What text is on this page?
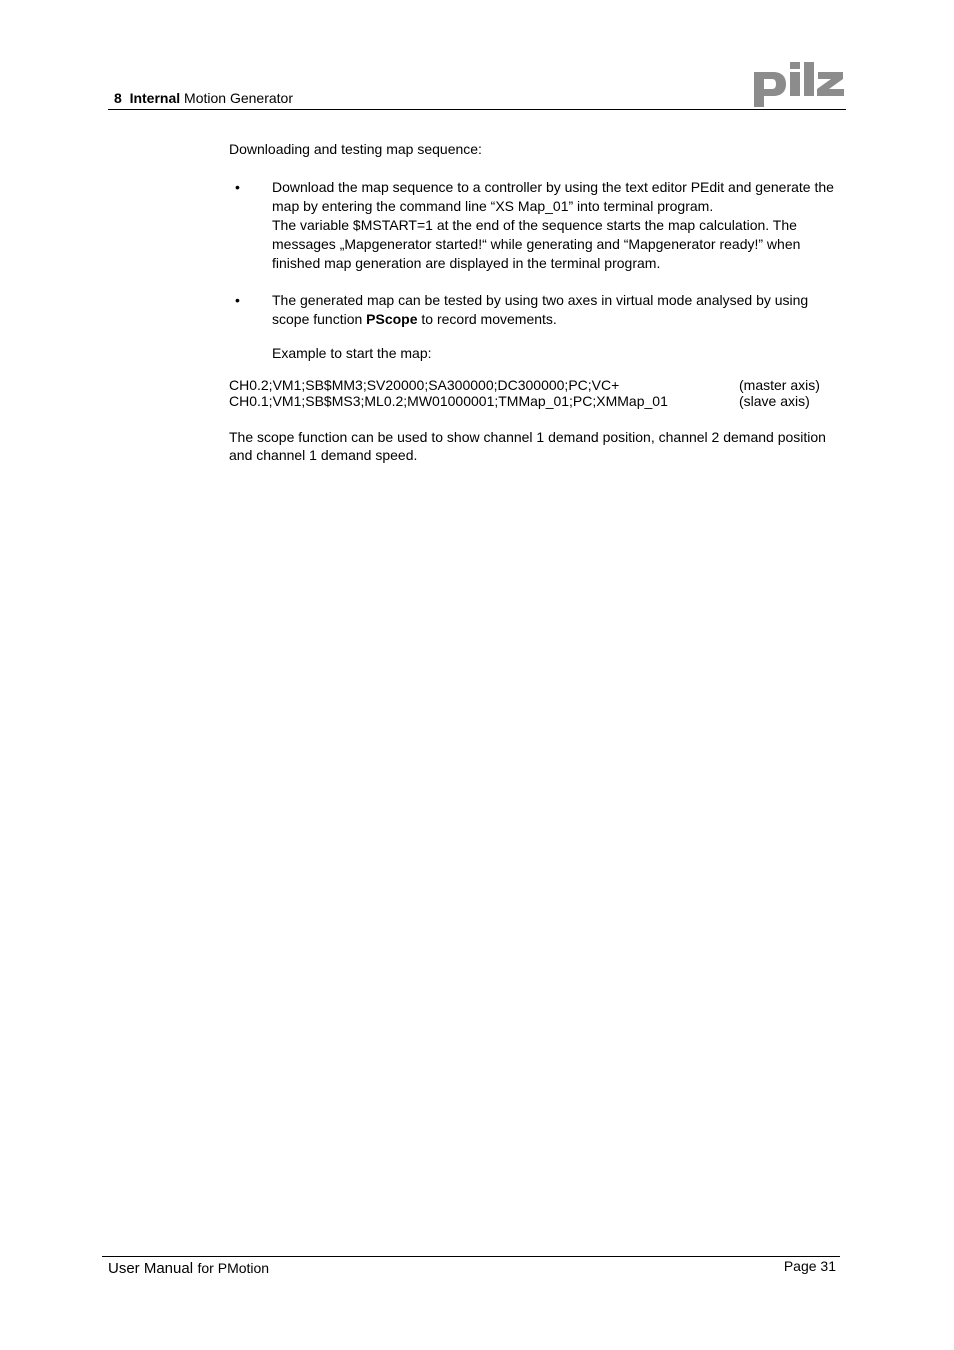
8 Internal Motion Generator

Downloading and testing map sequence:

• Download the map sequence to a controller by using the text editor PEdit and generate the map by entering the command line “XS Map_01” into terminal program.

The variable $MSTART=1 at the end of the sequence starts the map calculation. The messages „Mapgenerator started!“ while generating and “Mapgenerator ready!” when finished map generation are displayed in the terminal program.

• The generated map can be tested by using two axes in virtual mode analysed by using scope function PScope to record movements.

Example to start the map:

CH0.2;VM1;SB$MM3;SV20000;SA300000;DC300000;PC;VC+	(master axis)
CH0.1;VM1;SB$MS3;ML0.2;MW01000001;TMMap_01;PC;XMMap_01	(slave axis)

The scope function can be used to show channel 1 demand position, channel 2 demand position and channel 1 demand speed.

User Manual for PMotion	Page 31
